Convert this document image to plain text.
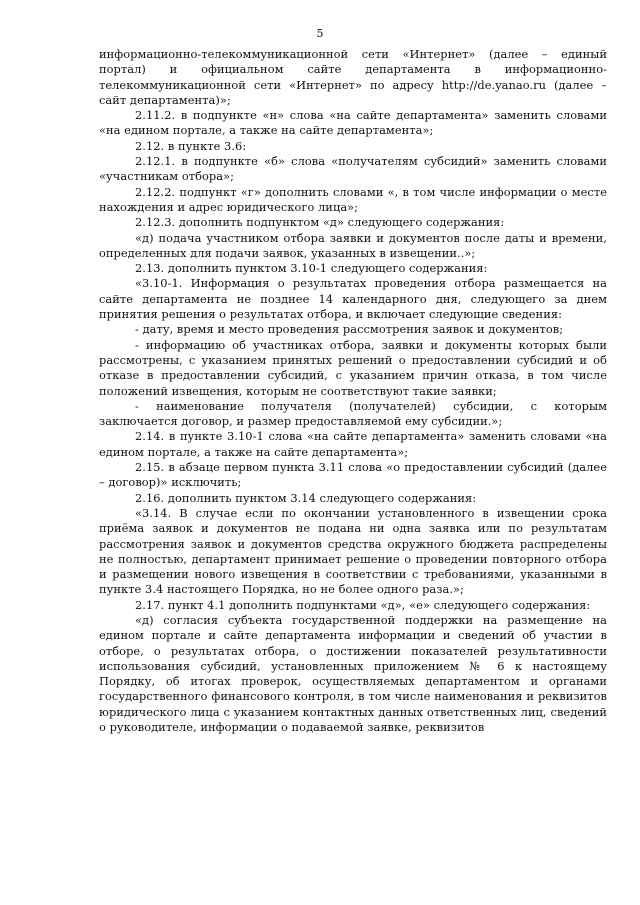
5

информационно-телекоммуникационной сети «Интернет» (далее – единый портал) и официальном сайте департамента в информационно-телекоммуникационной сети «Интернет» по адресу http://de.yanao.ru (далее – сайт департамента)»;

2.11.2. в подпункте «н» слова «на сайте департамента» заменить словами «на едином портале, а также на сайте департамента»;

2.12. в пункте 3.6:

2.12.1. в подпункте «б» слова «получателям субсидий» заменить словами «участникам отбора»;

2.12.2. подпункт «г» дополнить словами «, в том числе информации о месте нахождения и адрес юридического лица»;

2.12.3. дополнить подпунктом «д» следующего содержания:

«д) подача участником отбора заявки и документов после даты и времени, определенных для подачи заявок, указанных в извещении..»;

2.13. дополнить пунктом 3.10-1 следующего содержания:

«3.10-1. Информация о результатах проведения отбора размещается на сайте департамента не позднее 14 календарного дня, следующего за днем принятия решения о результатах отбора, и включает следующие сведения:

- дату, время и место проведения рассмотрения заявок и документов;

- информацию об участниках отбора, заявки и документы которых были рассмотрены, с указанием принятых решений о предоставлении субсидий и об отказе в предоставлении субсидий, с указанием причин отказа, в том числе положений извещения, которым не соответствуют такие заявки;

- наименование получателя (получателей) субсидии, с которым заключается договор, и размер предоставляемой ему субсидии.»;

2.14. в пункте 3.10-1 слова «на сайте департамента» заменить словами «на едином портале, а также на сайте департамента»;

2.15. в абзаце первом пункта 3.11 слова «о предоставлении субсидий (далее – договор)» исключить;

2.16. дополнить пунктом 3.14 следующего содержания:

«3.14. В случае если по окончании установленного в извещении срока приёма заявок и документов не подана ни одна заявка или по результатам рассмотрения заявок и документов средства окружного бюджета распределены не полностью, департамент принимает решение о проведении повторного отбора и размещении нового извещения в соответствии с требованиями, указанными в пункте 3.4 настоящего Порядка, но не более одного раза.»;

2.17. пункт 4.1 дополнить подпунктами «д», «е» следующего содержания:

«д) согласия субъекта государственной поддержки на размещение на едином портале и сайте департамента информации и сведений об участии в отборе, о результатах отбора, о достижении показателей результативности использования субсидий, установленных приложением № 6 к настоящему Порядку, об итогах проверок, осуществляемых департаментом и органами государственного финансового контроля, в том числе наименования и реквизитов юридического лица с указанием контактных данных ответственных лиц, сведений о руководителе, информации о подаваемой заявке, реквизитов
